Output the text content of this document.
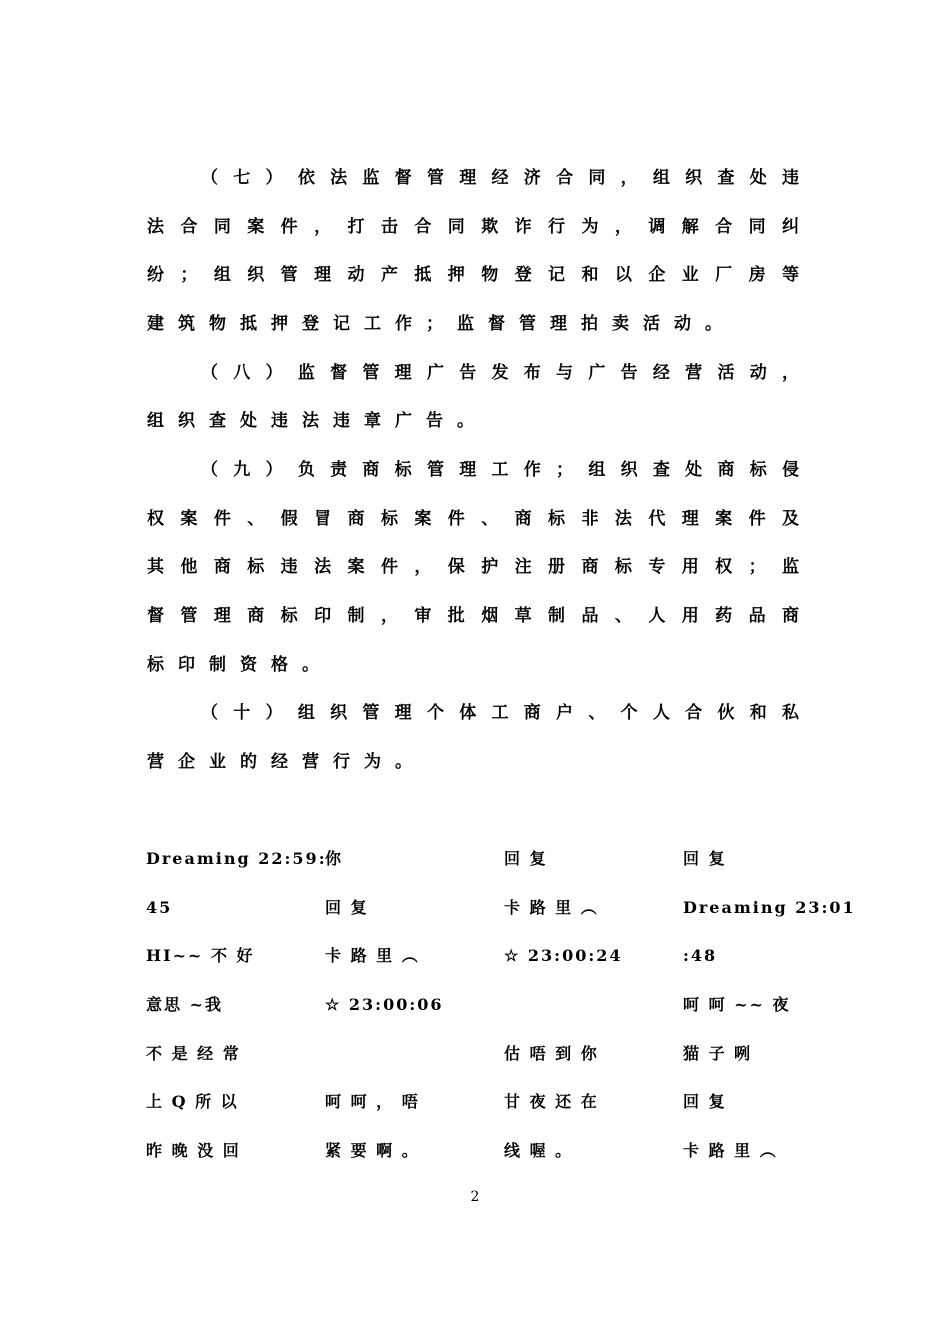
（七）依法监督管理经济合同，组织查处违
法合同案件，打击合同欺诈行为，调解合同纠
纷；组织管理动产抵押物登记和以企业厂房等
建筑物抵押登记工作；监督管理拍卖活动。
（八）监督管理广告发布与广告经营活动，
组织查处违法违章广告。
（九）负责商标管理工作；组织查处商标侵
权案件、假冒商标案件、商标非法代理案件及
其他商标违法案件，保护注册商标专用权；监
督管理商标印制，审批烟草制品、人用药品商
标印制资格。
（十）组织管理个体工商户、个人合伙和私
营企业的经营行为。
Dreaming 22:59:
45
HI~~ 不 好
意思 ~我
不 是 经 常
上 Q 所 以
昨 晚 没 回
你
回 复
卡 路 里 ︵
☆ 23:00:06
呵 呵 ， 唔
紧 要 啊 。
回 复
卡 路 里 ︵
☆ 23:00:24
估 唔 到 你
甘 夜 还 在
线 喔 。
回 复
Dreaming 23:01
:48
呵 呵 ~~ 夜
猫 子 咧
回 复
卡 路 里 ︵
2
